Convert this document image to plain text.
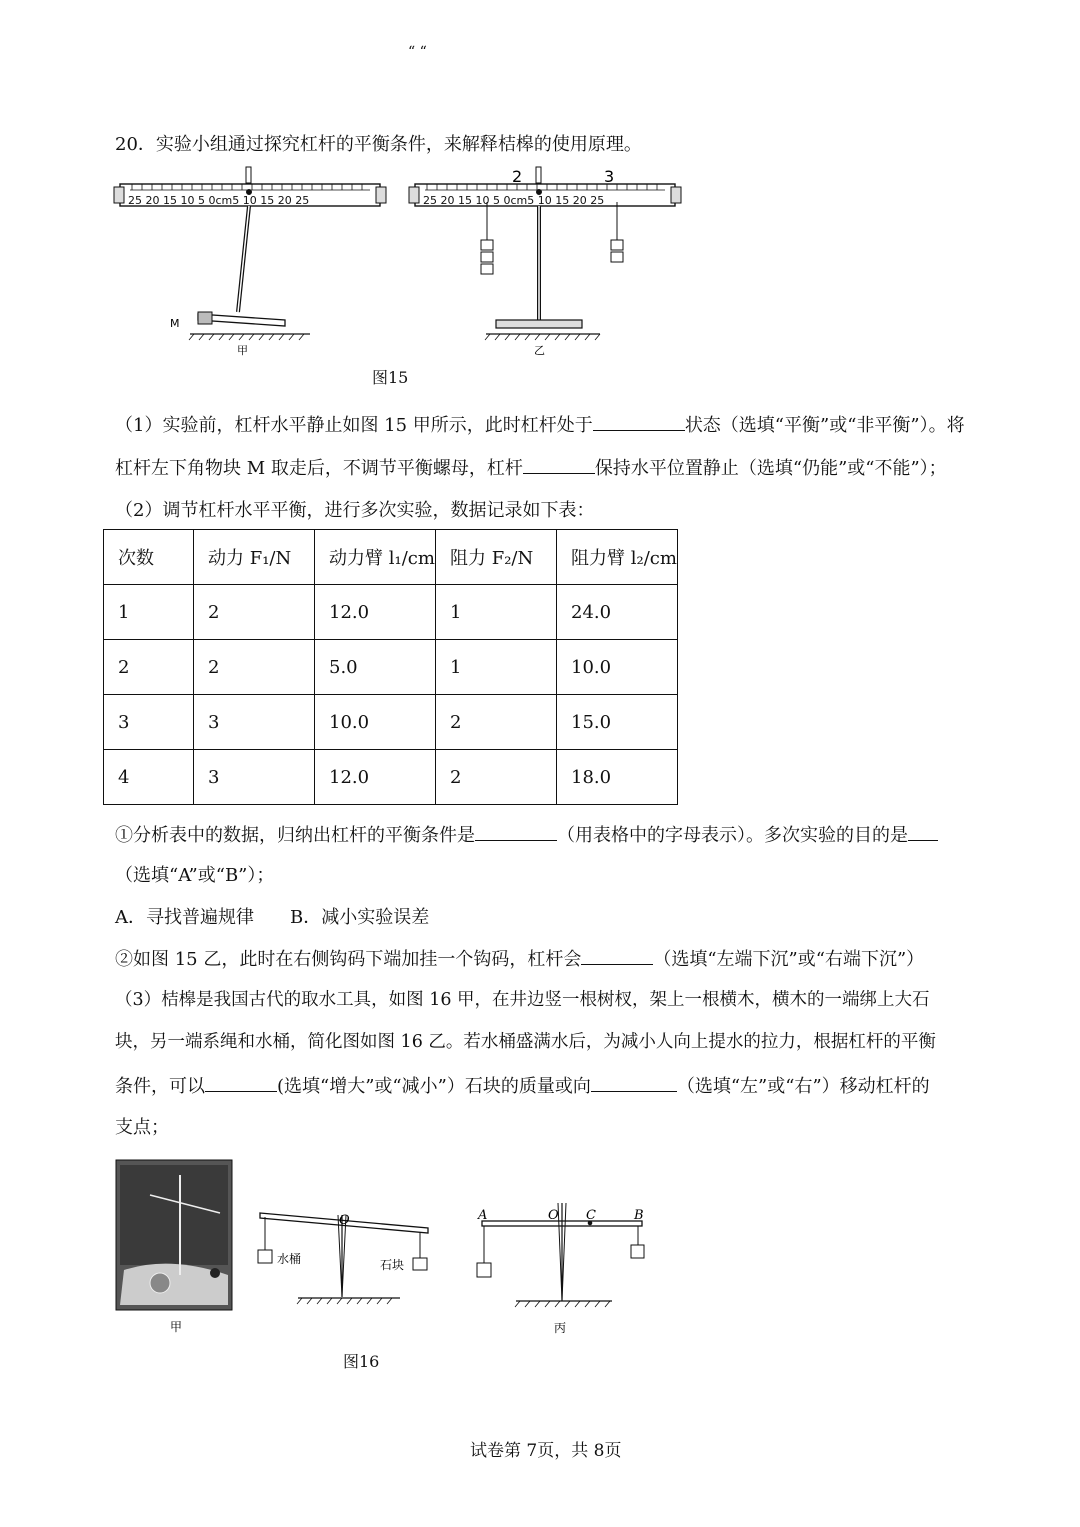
“ “
20．实验小组通过探究杠杆的平衡条件，来解释桔槔的使用原理。
25 20 15 10 5 0cm5 10 15 20 25
M
甲
25 20 15 10 5 0cm5 10 15 20 25
2	3
乙
图15
（1）实验前，杠杆水平静止如图 15 甲所示，此时杠杆处于	状态（选填“平衡”或“非平衡”）。将
杠杆左下角物块 M 取走后，不调节平衡螺母，杠杆	保持水平位置静止（选填“仍能”或“不能”）；
（2）调节杠杆水平平衡，进行多次实验，数据记录如下表：
次数	动力 F₁/N	动力臂 l₁/cm	阻力 F₂/N	阻力臂 l₂/cm
1	2	12.0	1	24.0
2	2	5.0	1	10.0
3	3	10.0	2	15.0
4	3	12.0	2	18.0
①分析表中的数据，归纳出杠杆的平衡条件是	（用表格中的字母表示）。多次实验的目的是
（选填“A”或“B”）；
A．寻找普遍规律　　B．减小实验误差
②如图 15 乙，此时在右侧钩码下端加挂一个钩码，杠杆会	（选填“左端下沉”或“右端下沉”）
（3）桔槔是我国古代的取水工具，如图 16 甲，在井边竖一根树杈，架上一根横木，横木的一端绑上大石
块，另一端系绳和水桶，简化图如图 16 乙。若水桶盛满水后，为减小人向上提水的拉力，根据杠杆的平衡
条件，可以	(选填“增大”或“减小”）石块的质量或向	（选填“左”或“右”）移动杠杆的
支点；
甲
O
水桶	石块
A	O C	B
丙
图16
试卷第 7页，共 8页
